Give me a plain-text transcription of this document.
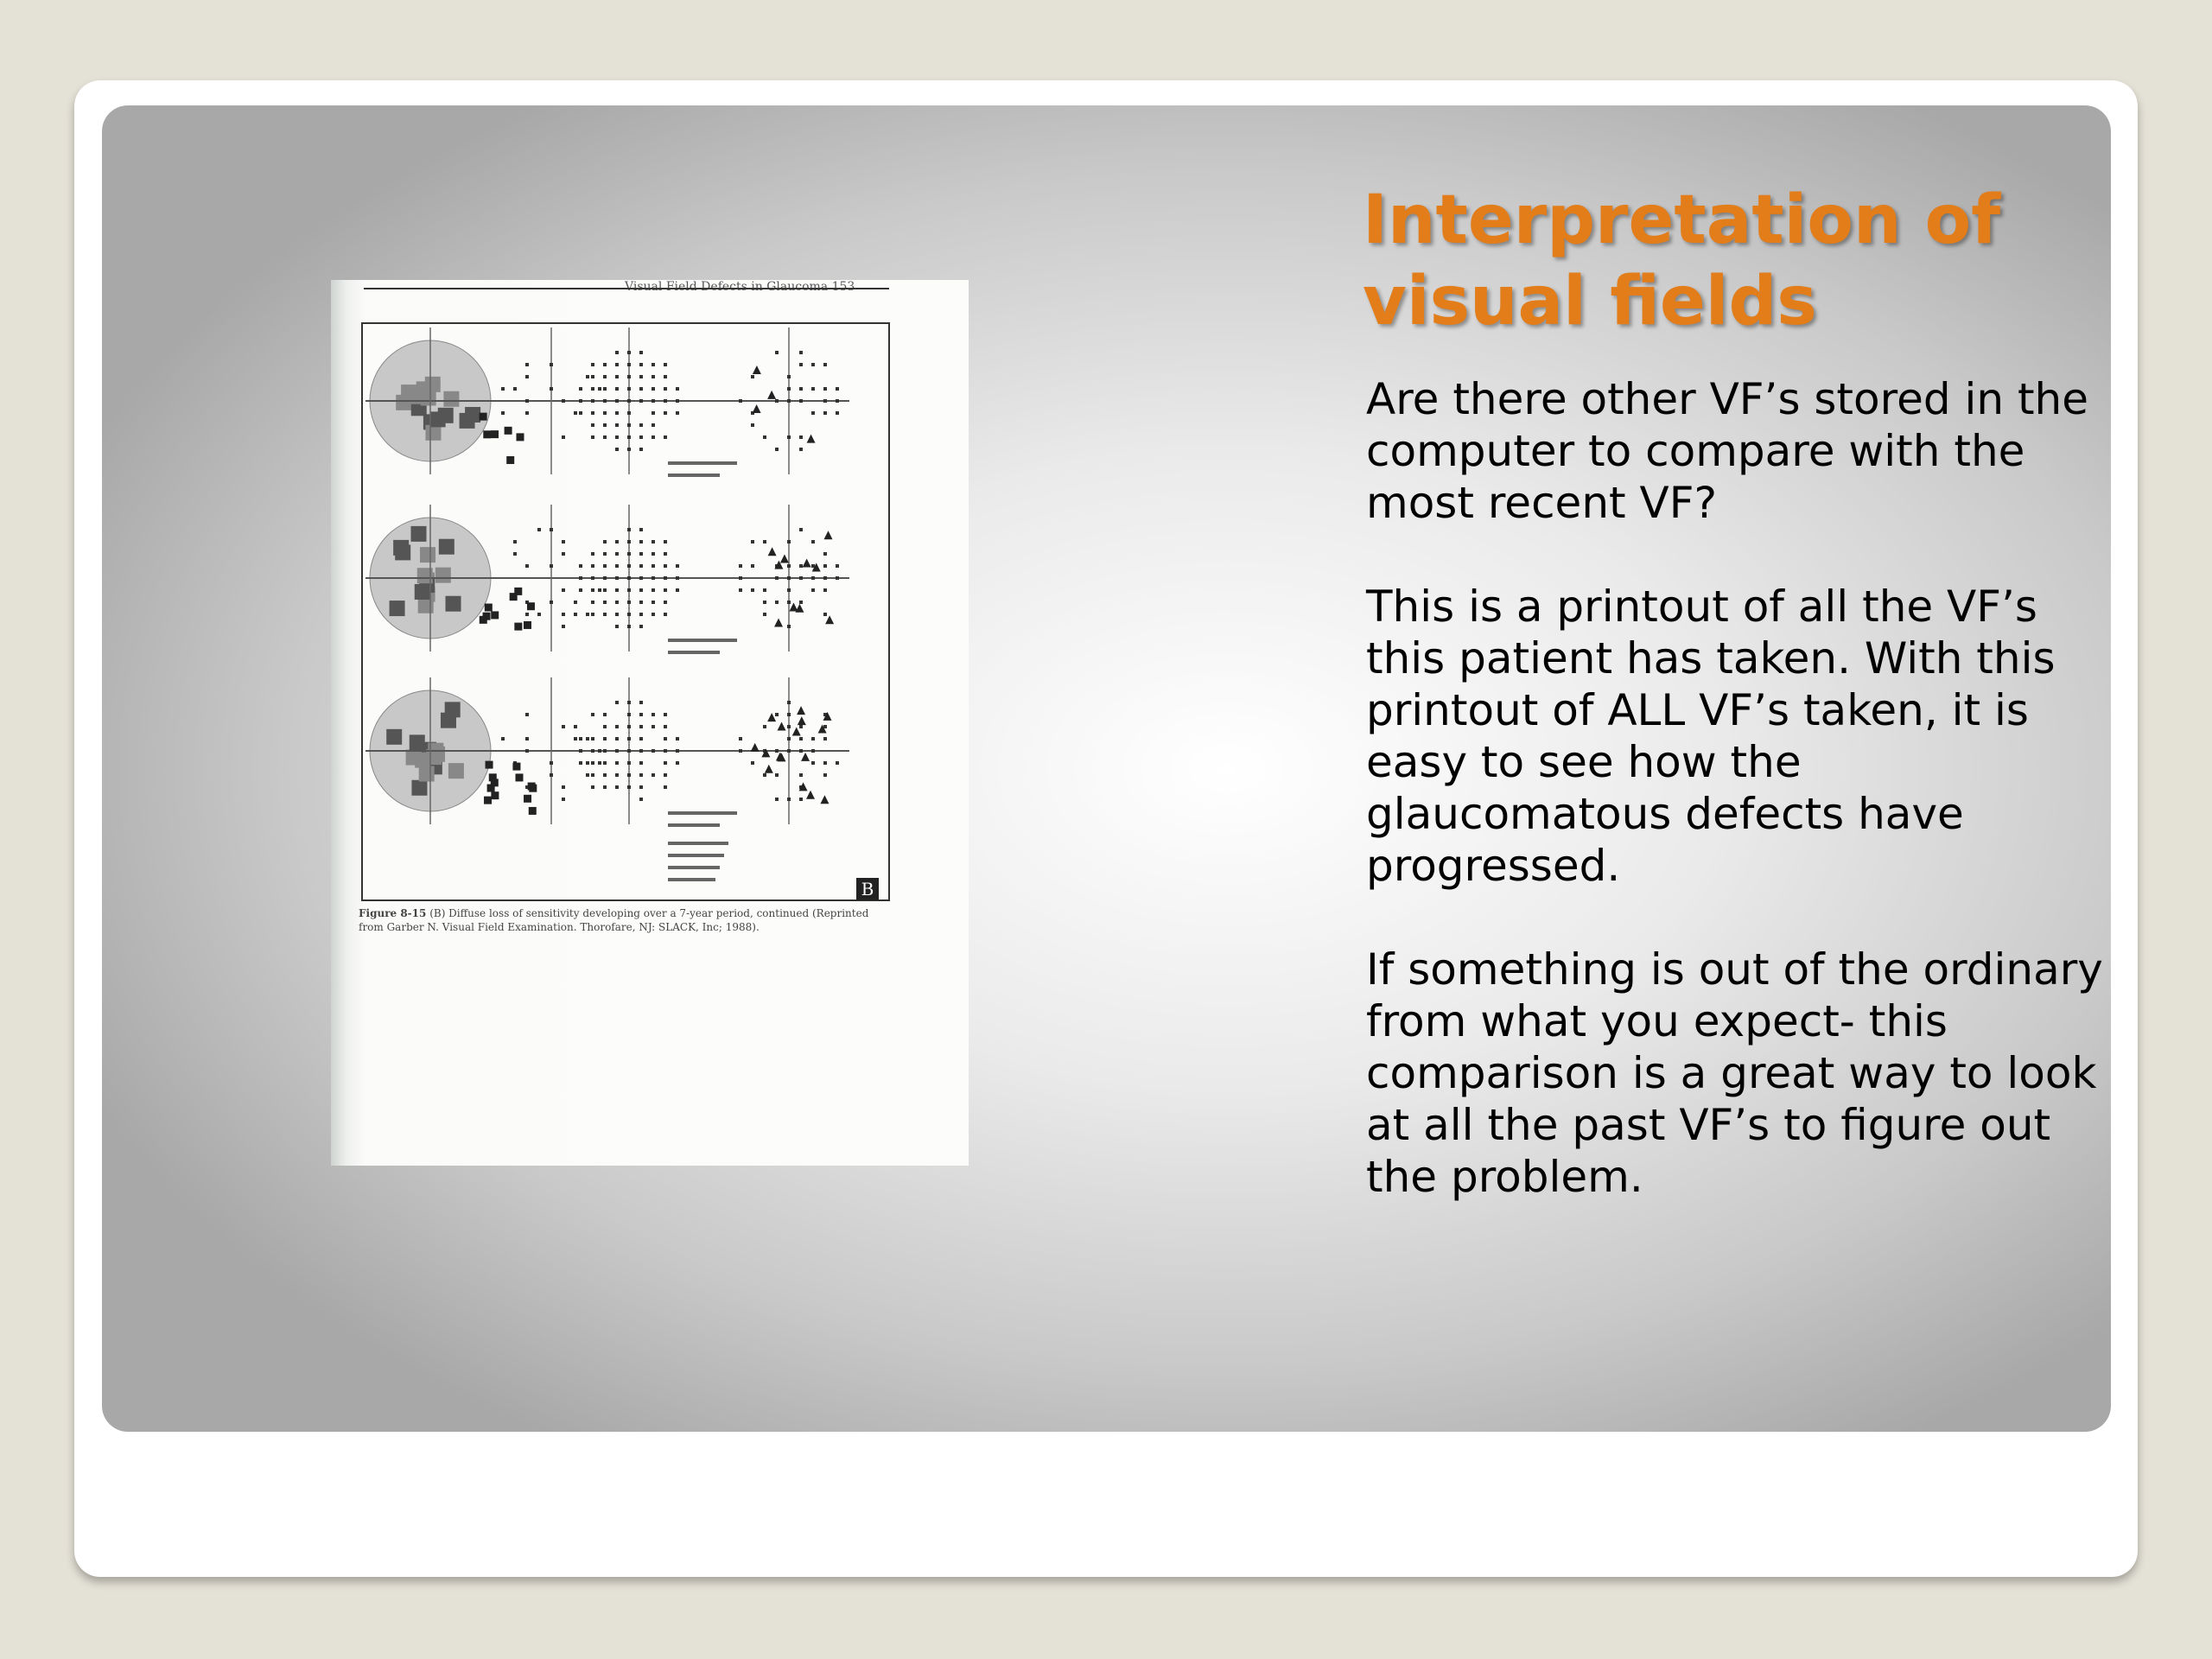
Visual Field Defects in Glaucoma 153
B
Figure 8-15 (B) Diffuse loss of sensitivity developing over a 7-year period, continued (Reprinted from Garber N. Visual Field Examination. Thorofare, NJ: SLACK, Inc; 1988).
Interpretation of visual fields

Are there other VF’s stored in the computer to compare with the most recent VF?

This is a printout of all the VF’s this patient has taken. With this printout of ALL VF’s taken, it is easy to see how the glaucomatous defects have progressed.

If something is out of the ordinary from what you expect- this comparison is a great way to look at all the past VF’s to figure out the problem.
